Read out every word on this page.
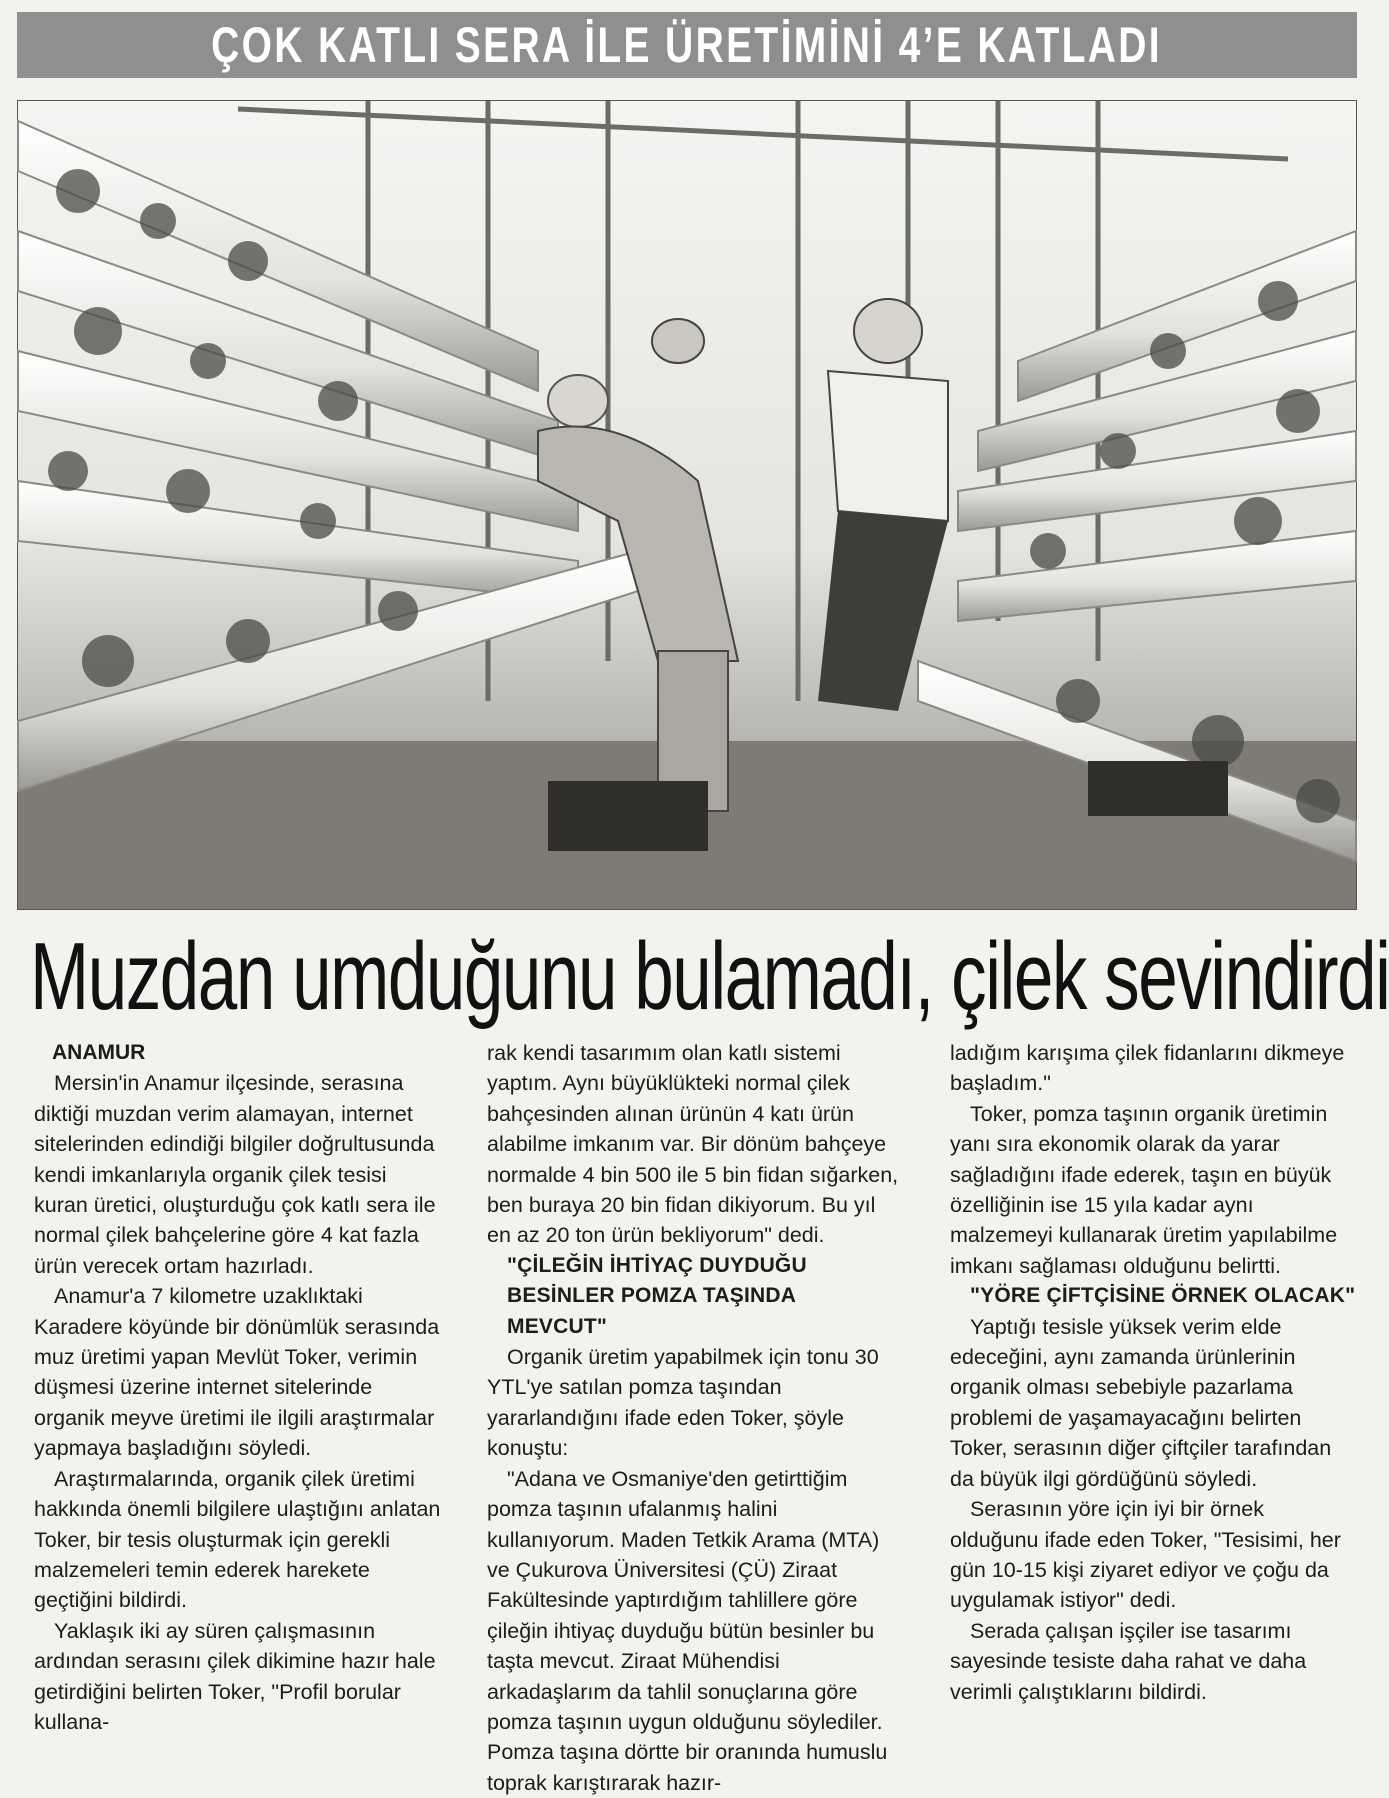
ÇOK KATLI SERA İLE ÜRETİMİNİ 4’E KATLADI
Muzdan umduğunu bulamadı, çilek sevindirdi
ANAMUR

Mersin'in Anamur ilçesinde, serasına diktiği muzdan verim alamayan, internet sitelerinden edindiği bilgiler doğrultusunda kendi imkanlarıyla organik çilek tesisi kuran üretici, oluşturduğu çok katlı sera ile normal çilek bahçelerine göre 4 kat fazla ürün verecek ortam hazırladı.

Anamur'a 7 kilometre uzaklıktaki Karadere köyünde bir dönümlük serasında muz üretimi yapan Mevlüt Toker, verimin düşmesi üzerine internet sitelerinde organik meyve üretimi ile ilgili araştırmalar yapmaya başladığını söyledi.

Araştırmalarında, organik çilek üretimi hakkında önemli bilgilere ulaştığını anlatan Toker, bir tesis oluşturmak için gerekli malzemeleri temin ederek harekete geçtiğini bildirdi.

Yaklaşık iki ay süren çalışmasının ardından serasını çilek dikimine hazır hale getirdiğini belirten Toker, "Profil borular kullana-

rak kendi tasarımım olan katlı sistemi yaptım. Aynı büyüklükteki normal çilek bahçesinden alınan ürünün 4 katı ürün alabilme imkanım var. Bir dönüm bahçeye normalde 4 bin 500 ile 5 bin fidan sığarken, ben buraya 20 bin fidan dikiyorum. Bu yıl en az 20 ton ürün bekliyorum" dedi.

"ÇİLEĞİN İHTİYAÇ DUYDUĞU BESİNLER POMZA TAŞINDA MEVCUT"

Organik üretim yapabilmek için tonu 30 YTL'ye satılan pomza taşından yararlandığını ifade eden Toker, şöyle konuştu:

"Adana ve Osmaniye'den getirttiğim pomza taşının ufalanmış halini kullanıyorum. Maden Tetkik Arama (MTA) ve Çukurova Üniversitesi (ÇÜ) Ziraat Fakültesinde yaptırdığım tahlillere göre çileğin ihtiyaç duyduğu bütün besinler bu taşta mevcut. Ziraat Mühendisi arkadaşlarım da tahlil sonuçlarına göre pomza taşının uygun olduğunu söylediler. Pomza taşına dörtte bir oranında humuslu toprak karıştırarak hazır-

ladığım karışıma çilek fidanlarını dikmeye başladım."

Toker, pomza taşının organik üretimin yanı sıra ekonomik olarak da yarar sağladığını ifade ederek, taşın en büyük özelliğinin ise 15 yıla kadar aynı malzemeyi kullanarak üretim yapılabilme imkanı sağlaması olduğunu belirtti.

"YÖRE ÇİFTÇİSİNE ÖRNEK OLACAK"

Yaptığı tesisle yüksek verim elde edeceğini, aynı zamanda ürünlerinin organik olması sebebiyle pazarlama problemi de yaşamayacağını belirten Toker, serasının diğer çiftçiler tarafından da büyük ilgi gördüğünü söyledi.

Serasının yöre için iyi bir örnek olduğunu ifade eden Toker, "Tesisimi, her gün 10-15 kişi ziyaret ediyor ve çoğu da uygulamak istiyor" dedi.

Serada çalışan işçiler ise tasarımı sayesinde tesiste daha rahat ve daha verimli çalıştıklarını bildirdi.
